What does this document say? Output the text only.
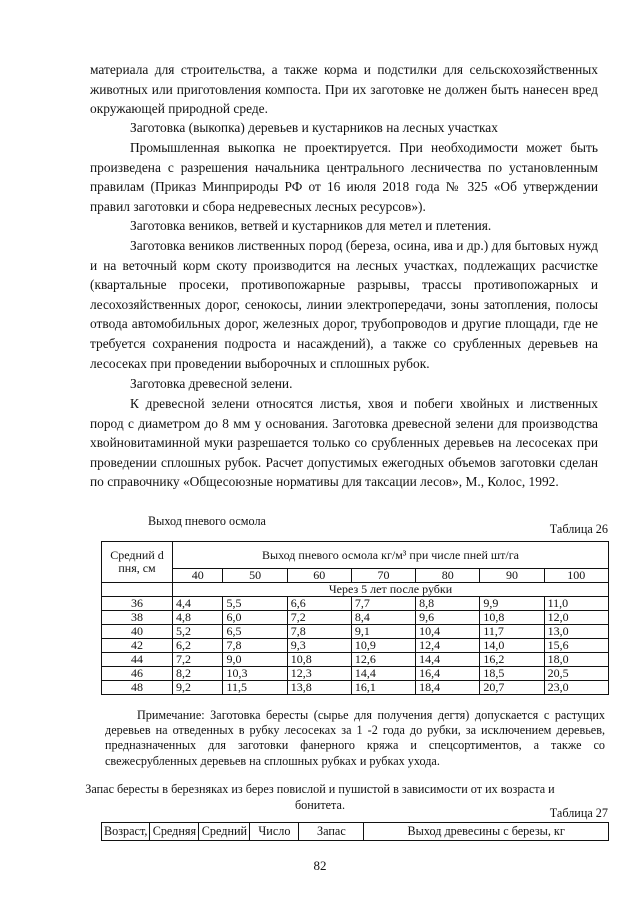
материала для строительства, а также корма и подстилки для сельскохозяйственных животных или приготовления компоста. При их заготовке не должен быть нанесен вред окружающей природной среде.

Заготовка (выкопка) деревьев и кустарников на лесных участках

Промышленная выкопка не проектируется. При необходимости может быть произведена с разрешения начальника центрального лесничества по установленным правилам (Приказ Минприроды РФ от 16 июля 2018 года № 325 «Об утверждении правил заготовки и сбора недревесных лесных ресурсов»).

Заготовка веников, ветвей и кустарников для метел и плетения.

Заготовка веников лиственных пород (береза, осина, ива и др.) для бытовых нужд и на веточный корм скоту производится на лесных участках, подлежащих расчистке (квартальные просеки, противопожарные разрывы, трассы противопожарных и лесохозяйственных дорог, сенокосы, линии электропередачи, зоны затопления, полосы отвода автомобильных дорог, железных дорог, трубопроводов и другие площади, где не требуется сохранения подроста и насаждений), а также со срубленных деревьев на лесосеках при проведении выборочных и сплошных рубок.

Заготовка древесной зелени.

К древесной зелени относятся листья, хвоя и побеги хвойных и лиственных пород с диаметром до 8 мм у основания. Заготовка древесной зелени для производства хвойновитаминной муки разрешается только со срубленных деревьев на лесосеках при проведении сплошных рубок. Расчет допустимых ежегодных объемов заготовки сделан по справочнику «Общесоюзные нормативы для таксации лесов», М., Колос, 1992.

Выход пневого осмола
Таблица 26
Средний d пня, см	Выход пневого осмола кг/м³ при числе пней шт/га						
	40	50	60	70	80	90	100
	Через 5 лет после рубки						
36	4,4	5,5	6,6	7,7	8,8	9,9	11,0
38	4,8	6,0	7,2	8,4	9,6	10,8	12,0
40	5,2	6,5	7,8	9,1	10,4	11,7	13,0
42	6,2	7,8	9,3	10,9	12,4	14,0	15,6
44	7,2	9,0	10,8	12,6	14,4	16,2	18,0
46	8,2	10,3	12,3	14,4	16,4	18,5	20,5
48	9,2	11,5	13,8	16,1	18,4	20,7	23,0

Примечание: Заготовка бересты (сырье для получения дегтя) допускается с растущих деревьев на отведенных в рубку лесосеках за 1 -2 года до рубки, за исключением деревьев, предназначенных для заготовки фанерного кряжа и спецсортиментов, а также со свежесрубленных деревьев на сплошных рубках и рубках ухода.

Запас бересты в березняках из берез повислой и пушистой в зависимости от их возраста и бонитета.
Таблица 27
Возраст,	Средняя	Средний	Число	Запас	Выход древесины с березы, кг
82
